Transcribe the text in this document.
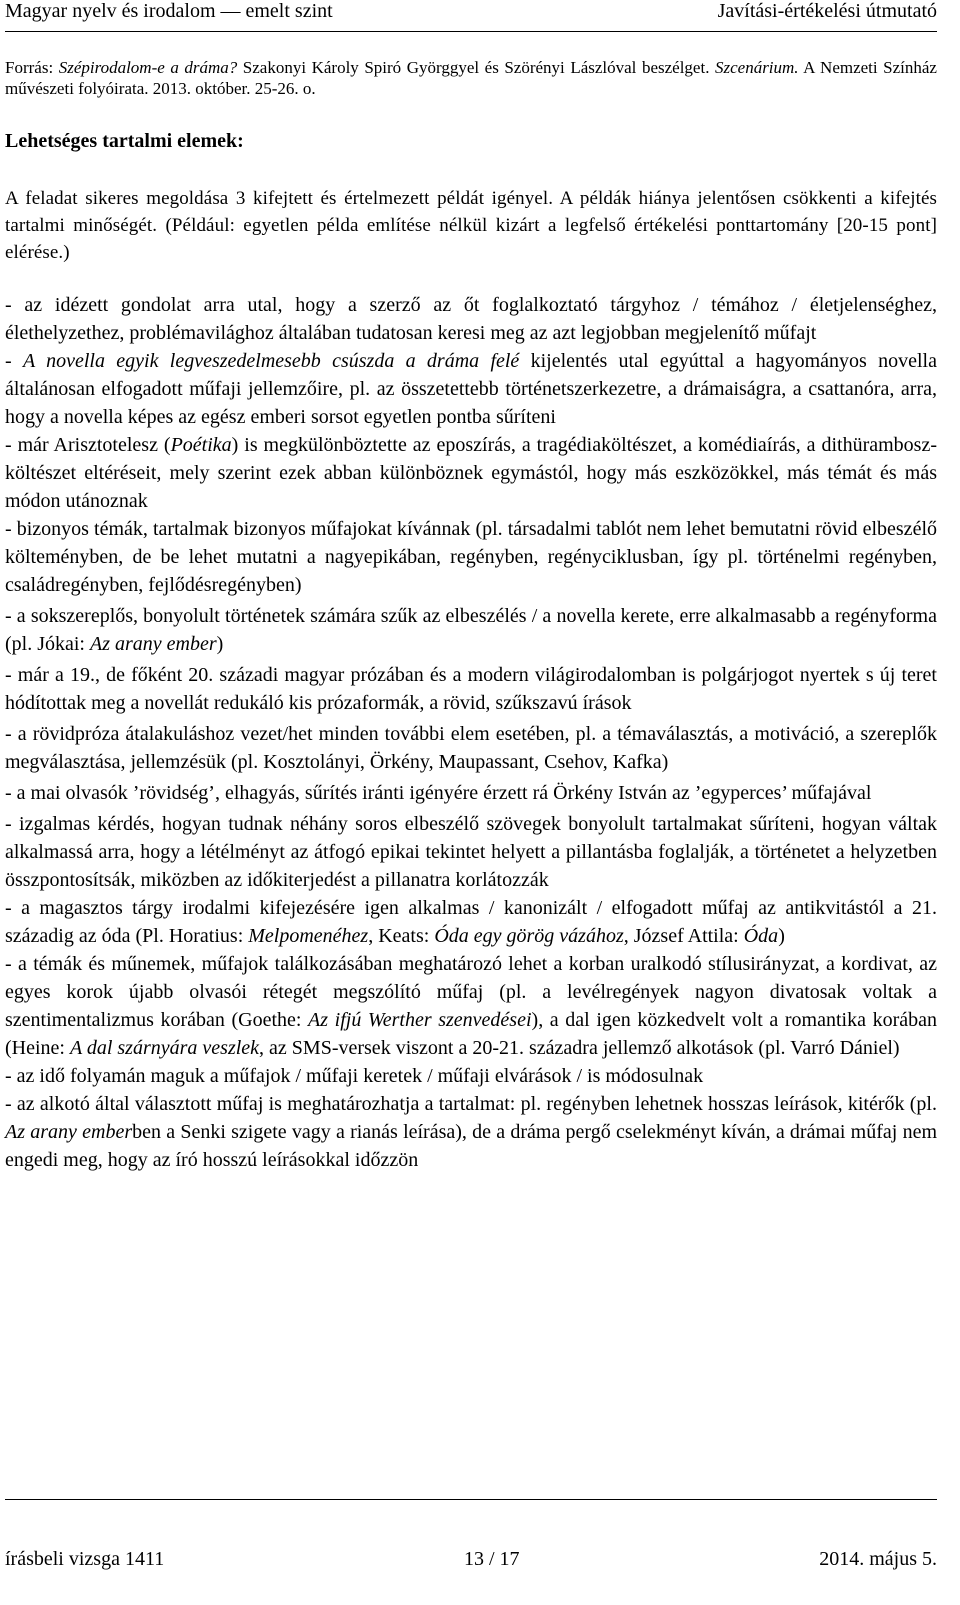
Magyar nyelv és irodalom — emelt szint	Javítási-értékelési útmutató
Forrás: Szépirodalom-e a dráma? Szakonyi Károly Spiró Györggyel és Szörényi Lászlóval beszélget. Szcenárium. A Nemzeti Színház művészeti folyóirata. 2013. október. 25-26. o.
Lehetséges tartalmi elemek:
A feladat sikeres megoldása 3 kifejtett és értelmezett példát igényel. A példák hiánya jelentősen csökkenti a kifejtés tartalmi minőségét. (Például: egyetlen példa említése nélkül kizárt a legfelső értékelési ponttartomány [20-15 pont] elérése.)

- az idézett gondolat arra utal, hogy a szerző az őt foglalkoztató tárgyhoz / témához / életjelenséghez, élethelyzethez, problémavilághoz általában tudatosan keresi meg az azt legjobban megjelenítő műfajt

- A novella egyik legveszedelmesebb csúszda a dráma felé kijelentés utal egyúttal a hagyományos novella általánosan elfogadott műfaji jellemzőire, pl. az összetettebb történetszerkezetre, a drámaiságra, a csattanóra, arra, hogy a novella képes az egész emberi sorsot egyetlen pontba sűríteni

- már Arisztotelesz (Poétika) is megkülönböztette az eposzírás, a tragédiaköltészet, a komédiaírás, a dithürambosz-költészet eltéréseit, mely szerint ezek abban különböznek egymástól, hogy más eszközökkel, más témát és más módon utánoznak

- bizonyos témák, tartalmak bizonyos műfajokat kívánnak (pl. társadalmi tablót nem lehet bemutatni rövid elbeszélő költeményben, de be lehet mutatni a nagyepikában, regényben, regényciklusban, így pl. történelmi regényben, családregényben, fejlődésregényben)

- a sokszereplős, bonyolult történetek számára szűk az elbeszélés / a novella kerete, erre alkalmasabb a regényforma (pl. Jókai: Az arany ember)

- már a 19., de főként 20. századi magyar prózában és a modern világirodalomban is polgárjogot nyertek s új teret hódítottak meg a novellát redukáló kis prózaformák, a rövid, szűkszavú írások

- a rövidpróza átalakuláshoz vezet/het minden további elem esetében, pl. a témaválasztás, a motiváció, a szereplők megválasztása, jellemzésük (pl. Kosztolányi, Örkény, Maupassant, Csehov, Kafka)

- a mai olvasók ’rövidség’, elhagyás, sűrítés iránti igényére érzett rá Örkény István az ’egyperces’ műfajával

- izgalmas kérdés, hogyan tudnak néhány soros elbeszélő szövegek bonyolult tartalmakat sűríteni, hogyan váltak alkalmassá arra, hogy a létélményt az átfogó epikai tekintet helyett a pillantásba foglalják, a történetet a helyzetben összpontosítsák, miközben az időkiterjedést a pillanatra korlátozzák

- a magasztos tárgy irodalmi kifejezésére igen alkalmas / kanonizált / elfogadott műfaj az antikvitástól a 21. századig az óda (Pl. Horatius: Melpomenéhez, Keats: Óda egy görög vázához, József Attila: Óda)

- a témák és műnemek, műfajok találkozásában meghatározó lehet a korban uralkodó stílusirányzat, a kordivat, az egyes korok újabb olvasói rétegét megszólító műfaj (pl. a levélregények nagyon divatosak voltak a szentimentalizmus korában (Goethe: Az ifjú Werther szenvedései), a dal igen közkedvelt volt a romantika korában (Heine: A dal szárnyára veszlek, az SMS-versek viszont a 20-21. századra jellemző alkotások (pl. Varró Dániel)

- az idő folyamán maguk a műfajok / műfaji keretek / műfaji elvárások / is módosulnak

- az alkotó által választott műfaj is meghatározhatja a tartalmat: pl. regényben lehetnek hosszas leírások, kitérők (pl. Az arany emberben a Senki szigete vagy a rianás leírása), de a dráma pergő cselekményt kíván, a drámai műfaj nem engedi meg, hogy az író hosszú leírásokkal időzzön

írásbeli vizsga 1411	13 / 17	2014. május 5.
